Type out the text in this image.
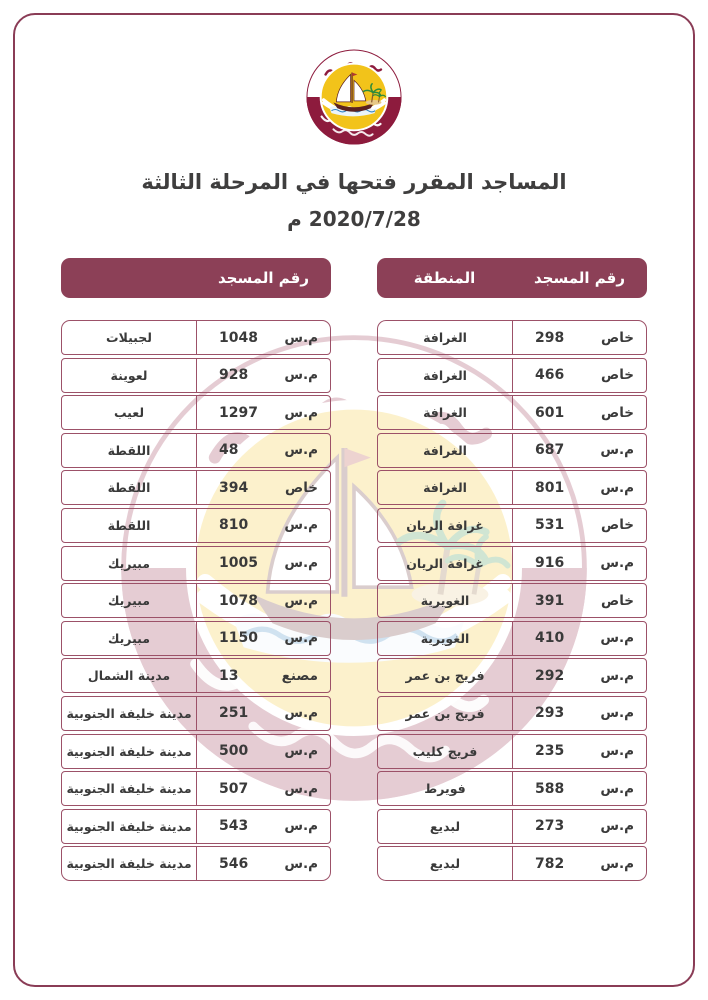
المساجد المقرر فتحها في المرحلة الثالثة
2020/7/28 م
رقم المسجد
المنطقة
خاص
298
الغرافة
خاص
466
الغرافة
خاص
601
الغرافة
م.س
687
الغرافة
م.س
801
الغرافة
خاص
531
غرافة الريان
م.س
916
غرافة الريان
خاص
391
الغويرية
م.س
410
الغويرية
م.س
292
فريج بن عمر
م.س
293
فريج بن عمر
م.س
235
فريج كليب
م.س
588
فويرط
م.س
273
لبديع
م.س
782
لبديع
رقم المسجد
م.س
1048
لجبيلات
م.س
928
لعوينة
م.س
1297
لعيب
م.س
48
اللقطة
خاص
394
اللقطة
م.س
810
اللقطة
م.س
1005
مبيريك
م.س
1078
مبيريك
م.س
1150
مبيريك
مصنع
13
مدينة الشمال
م.س
251
مدينة خليفة الجنوبية
م.س
500
مدينة خليفة الجنوبية
م.س
507
مدينة خليفة الجنوبية
م.س
543
مدينة خليفة الجنوبية
م.س
546
مدينة خليفة الجنوبية
